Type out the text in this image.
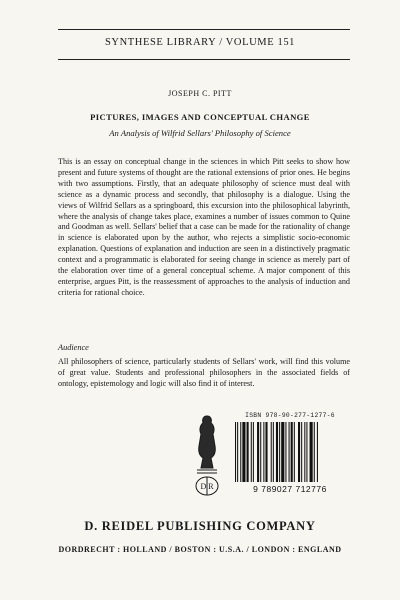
SYNTHESE LIBRARY / VOLUME 151
JOSEPH C. PITT
PICTURES, IMAGES AND CONCEPTUAL CHANGE
An Analysis of Wilfrid Sellars' Philosophy of Science
This is an essay on conceptual change in the sciences in which Pitt seeks to show how present and future systems of thought are the rational extensions of prior ones. He begins with two assumptions. Firstly, that an adequate philosophy of science must deal with science as a dynamic process and secondly, that philosophy is a dialogue. Using the views of Wilfrid Sellars as a springboard, this excursion into the philosophical labyrinth, where the analysis of change takes place, examines a number of issues common to Quine and Goodman as well. Sellars' belief that a case can be made for the rationality of change in science is elaborated upon by the author, who rejects a simplistic socio-economic explanation. Questions of explanation and induction are seen in a distinctively pragmatic context and a programmatic is elaborated for seeing change in science as merely part of the elaboration over time of a general conceptual scheme. A major component of this enterprise, argues Pitt, is the reassessment of approaches to the analysis of induction and criteria for rational choice.
Audience
All philosophers of science, particularly students of Sellars' work, will find this volume of great value. Students and professional philosophers in the associated fields of ontology, epistemology and logic will also find it of interest.
D R
ISBN 978-90-277-1277-6
9 789027 712776
D. REIDEL PUBLISHING COMPANY
DORDRECHT : HOLLAND / BOSTON : U.S.A. / LONDON : ENGLAND
